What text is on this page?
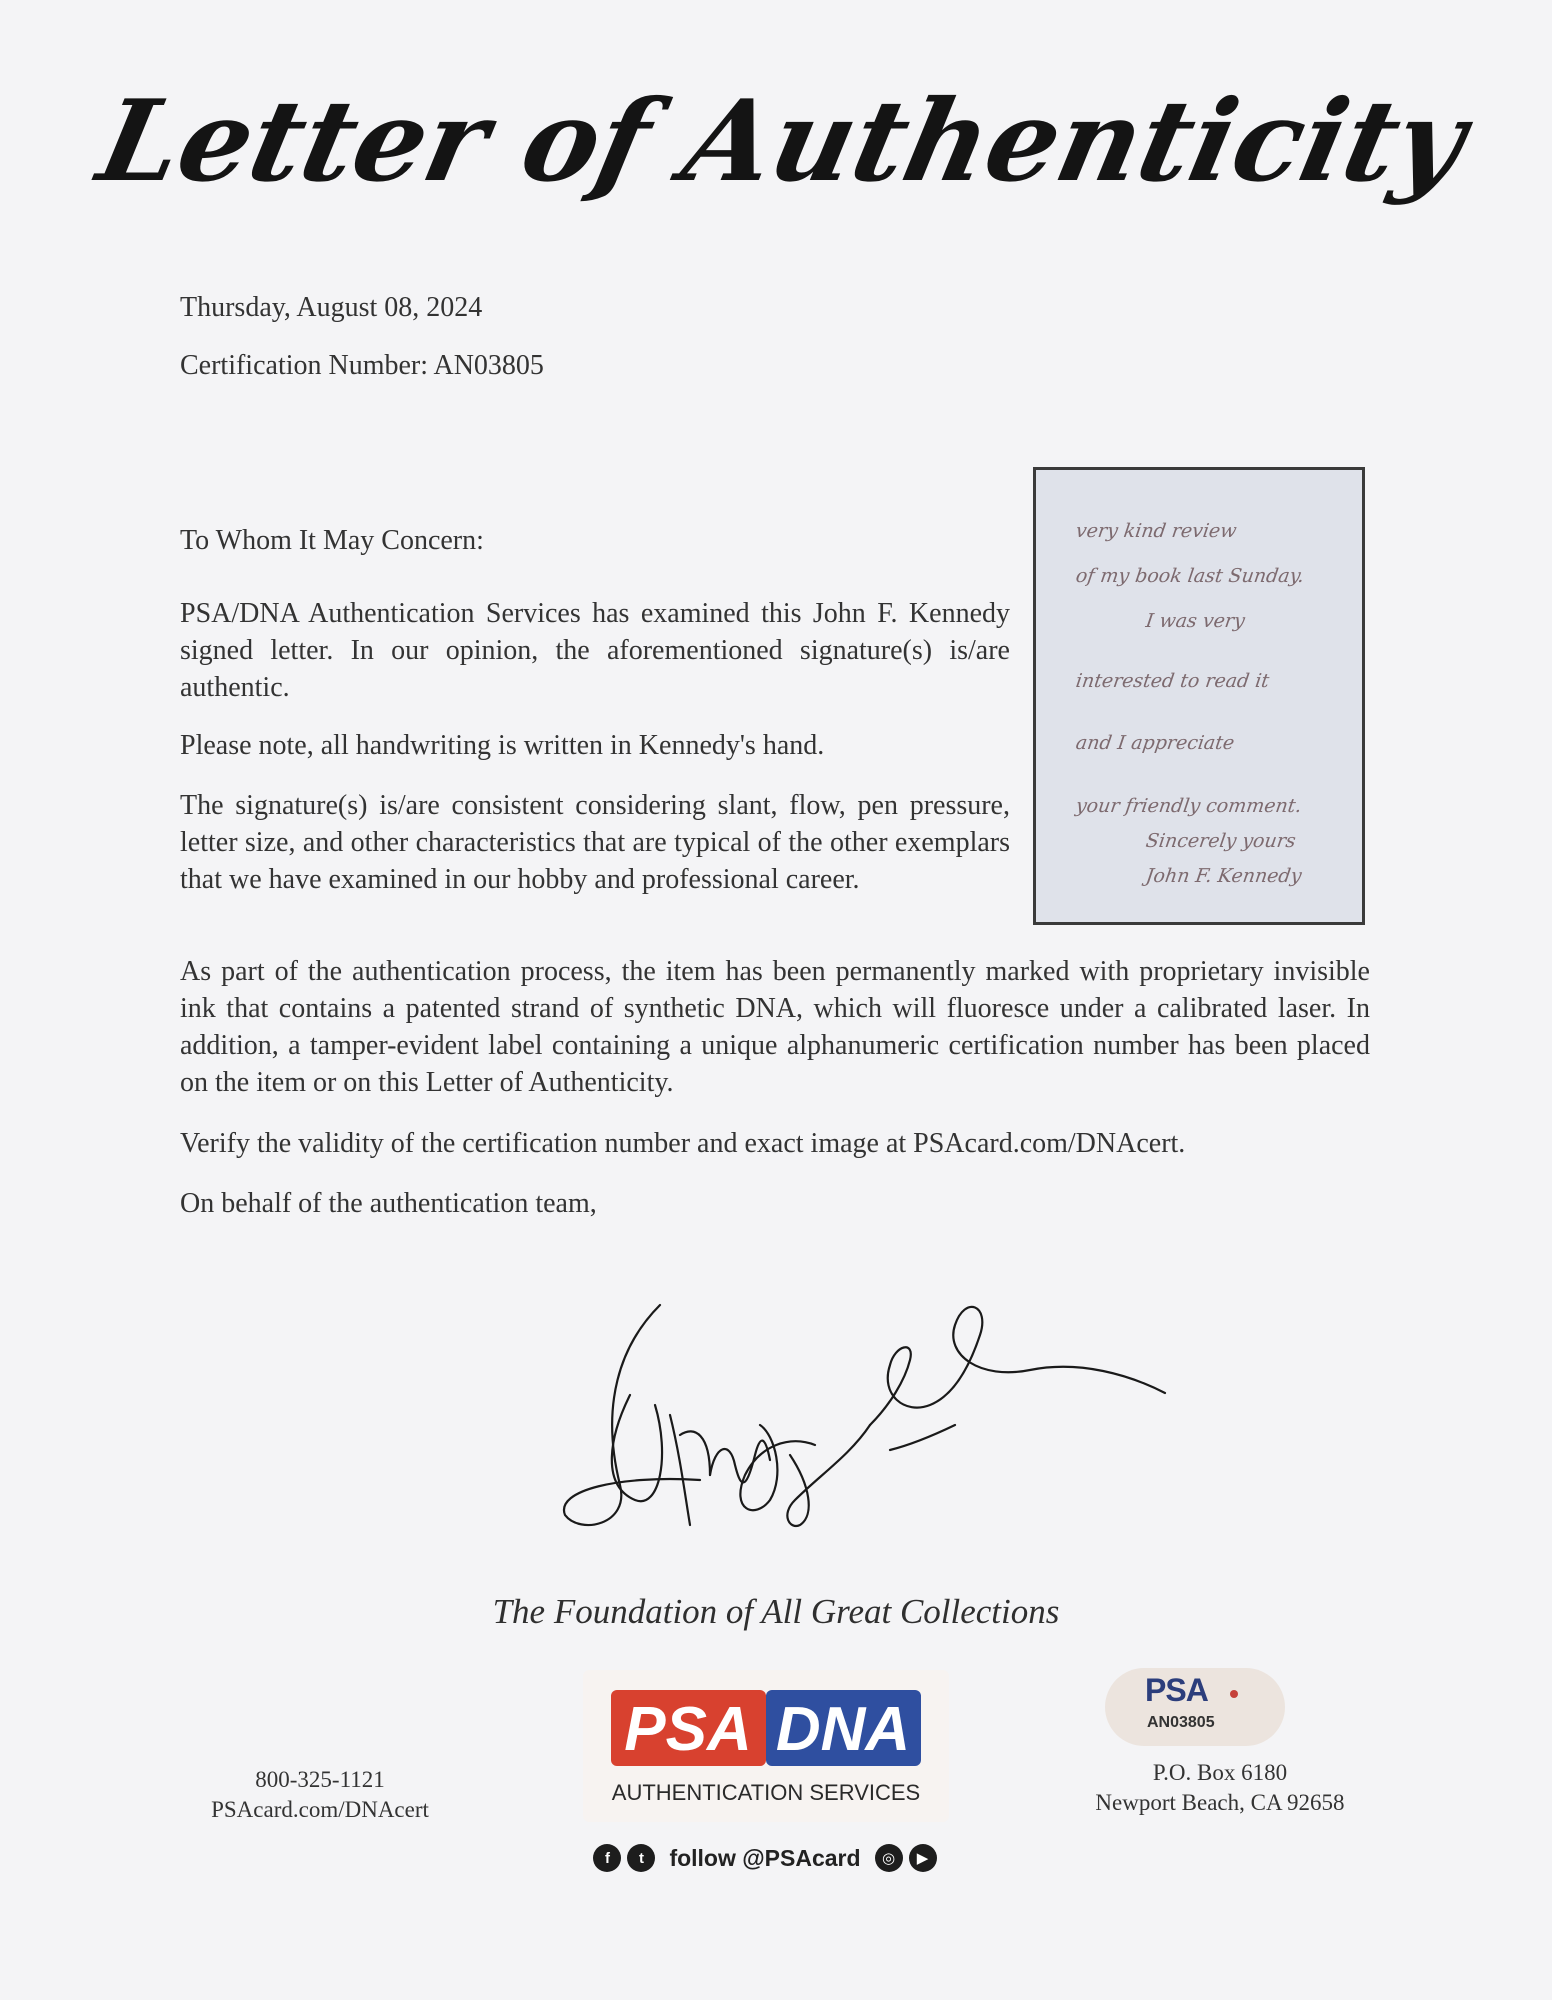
Letter of Authenticity
Thursday, August 08, 2024
Certification Number: AN03805
To Whom It May Concern:
PSA/DNA Authentication Services has examined this John F. Kennedy signed letter. In our opinion, the aforementioned signature(s) is/are authentic.
Please note, all handwriting is written in Kennedy's hand.
The signature(s) is/are consistent considering slant, flow, pen pressure, letter size, and other characteristics that are typical of the other exemplars that we have examined in our hobby and professional career.
As part of the authentication process, the item has been permanently marked with proprietary invisible ink that contains a patented strand of synthetic DNA, which will fluoresce under a calibrated laser. In addition, a tamper-evident label containing a unique alphanumeric certification number has been placed on the item or on this Letter of Authenticity.
Verify the validity of the certification number and exact image at PSAcard.com/DNAcert.
On behalf of the authentication team,
very kind review
of my book last Sunday.
I was very
interested to read it
and I appreciate
your friendly comment.
Sincerely yours
John F. Kennedy
The Foundation of All Great Collections
PSA DNA
AUTHENTICATION SERVICES
f	t	follow @PSAcard	◎	▶
800-325-1121
PSAcard.com/DNAcert
P.O. Box 6180
Newport Beach, CA 92658
PSA
AN03805
